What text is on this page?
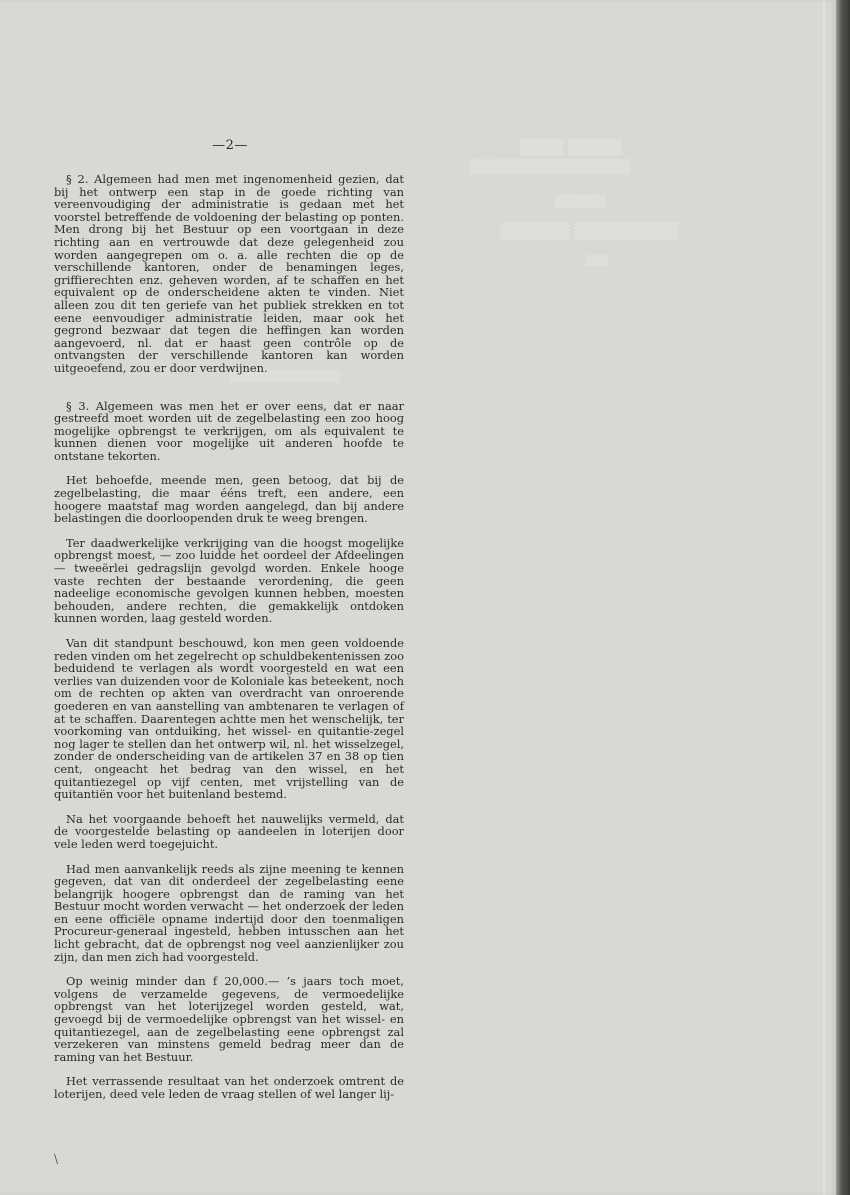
▒▒▒▒▒ ▒▒▒▒
▒▒▒▒▒▒▒▒▒▒▒▒▒▒▒▒
▒▒▒▒▒▒
▒▒▒▒▒▒▒▒▒ ▒▒▒▒▒▒
▒▒▒
▒▒▒▒▒▒▒▒▒▒▒▒▒
—2—

§ 2. Algemeen had men met ingenomenheid gezien, dat bij het ontwerp een stap in de goede richting van vereenvoudiging der administratie is gedaan met het voorstel betreffende de voldoening der belasting op ponten. Men drong bij het Bestuur op een voortgaan in deze richting aan en vertrouwde dat deze gelegenheid zou worden aangegrepen om o. a. alle rechten die op de verschillende kantoren, onder de benamingen leges, griffierechten enz. geheven worden, af te schaffen en het equivalent op de onderscheidene akten te vinden. Niet alleen zou dit ten geriefe van het publiek strekken en tot eene eenvoudiger administratie leiden, maar ook het gegrond bezwaar dat tegen die heffingen kan worden aangevoerd, nl. dat er haast geen contrôle op de ontvangsten der verschillende kantoren kan worden uitgeoefend, zou er door verdwijnen.

§ 3. Algemeen was men het er over eens, dat er naar gestreefd moet worden uit de zegelbelasting een zoo hoog mogelijke opbrengst te verkrijgen, om als equivalent te kunnen dienen voor mogelijke uit anderen hoofde te ontstane tekorten.

Het behoefde, meende men, geen betoog, dat bij de zegelbelasting, die maar ééns treft, een andere, een hoogere maatstaf mag worden aangelegd, dan bij andere belastingen die doorloopenden druk te weeg brengen.

Ter daadwerkelijke verkrijging van die hoogst mogelijke opbrengst moest, — zoo luidde het oordeel der Afdeelingen — tweeërlei gedragslijn gevolgd worden. Enkele hooge vaste rechten der bestaande verordening, die geen nadeelige economische gevolgen kunnen hebben, moesten behouden, andere rechten, die gemakkelijk ontdoken kunnen worden, laag gesteld worden.

Van dit standpunt beschouwd, kon men geen voldoende reden vinden om het zegelrecht op schuldbekentenissen zoo beduidend te verlagen als wordt voorgesteld en wat een verlies van duizenden voor de Koloniale kas beteekent, noch om de rechten op akten van overdracht van onroerende goederen en van aanstelling van ambtenaren te verlagen of at te schaffen. Daarentegen achtte men het wenschelijk, ter voorkoming van ontduiking, het wissel- en quitantie-zegel nog lager te stellen dan het ontwerp wil, nl. het wisselzegel, zonder de onderscheiding van de artikelen 37 en 38 op tien cent, ongeacht het bedrag van den wissel, en het quitantiezegel op vijf centen, met vrijstelling van de quitantiën voor het buitenland bestemd.

Na het voorgaande behoeft het nauwelijks vermeld, dat de voorgestelde belasting op aandeelen in loterijen door vele leden werd toegejuicht.

Had men aanvankelijk reeds als zijne meening te kennen gegeven, dat van dit onderdeel der zegelbelasting eene belangrijk hoogere opbrengst dan de raming van het Bestuur mocht worden verwacht — het onderzoek der leden en eene officiële opname indertijd door den toenmaligen Procureur-generaal ingesteld, hebben intusschen aan het licht gebracht, dat de opbrengst nog veel aanzienlijker zou zijn, dan men zich had voorgesteld.

Op weinig minder dan f 20,000.— ’s jaars toch moet, volgens de verzamelde gegevens, de vermoedelijke opbrengst van het loterijzegel worden gesteld, wat, gevoegd bij de vermoedelijke opbrengst van het wissel- en quitantiezegel, aan de zegelbelasting eene opbrengst zal verzekeren van minstens gemeld bedrag meer dan de raming van het Bestuur.

Het verrassende resultaat van het onderzoek omtrent de loterijen, deed vele leden de vraag stellen of wel langer lij-

\
